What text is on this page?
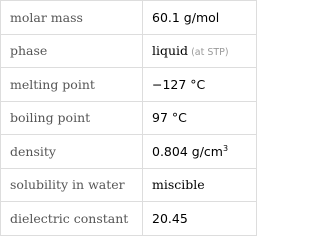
molar mass	60.1 g/mol
phase	liquid (at STP)
melting point	−127 °C
boiling point	97 °C
density	0.804 $g/cm^3$
solubility in water	miscible
dielectric constant	20.45
